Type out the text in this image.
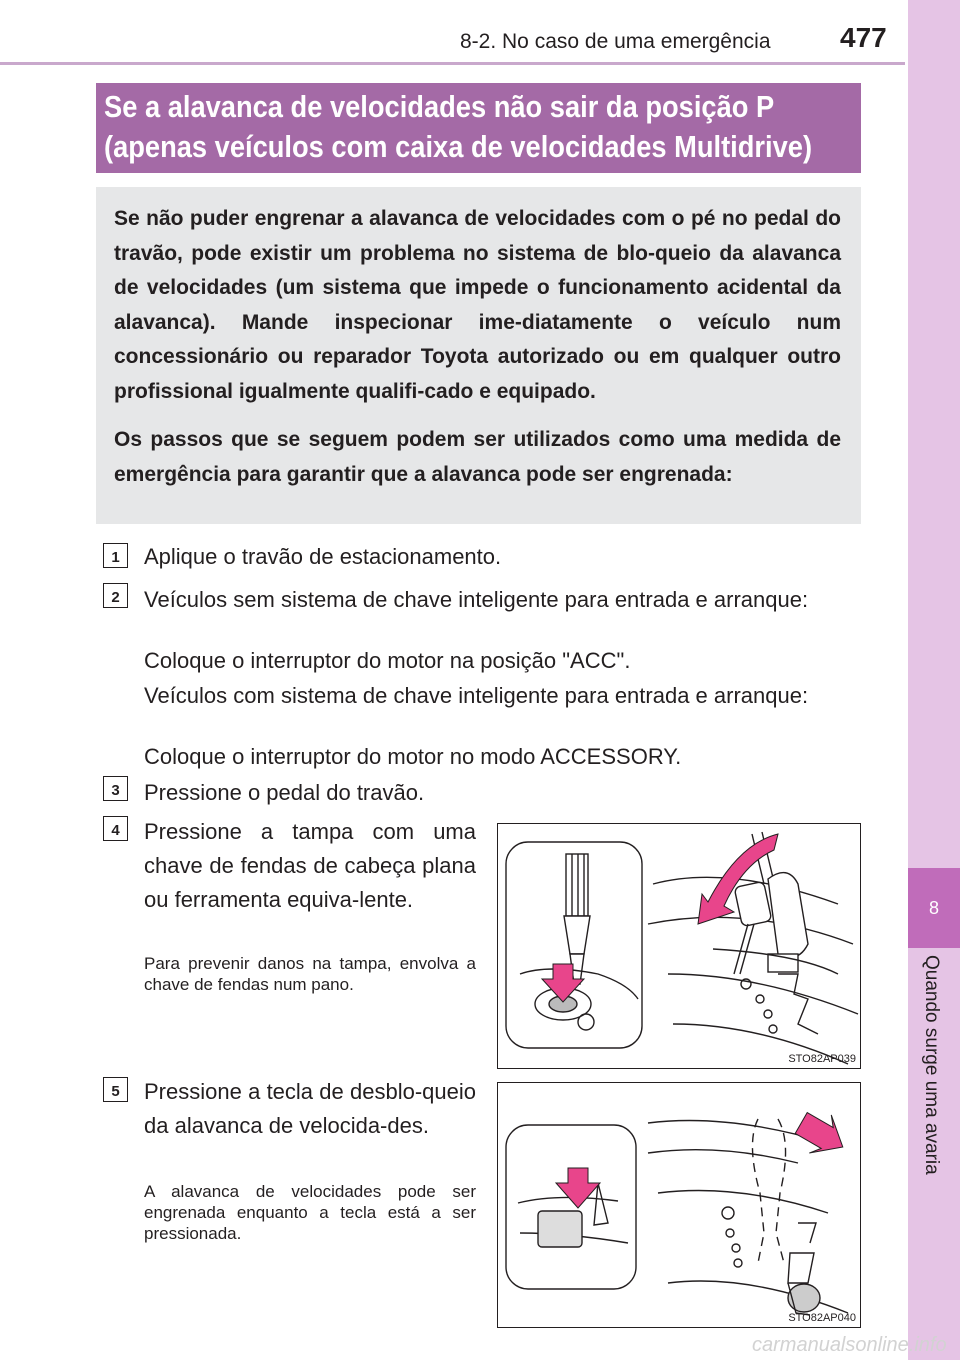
8-2. No caso de uma emergência 477
8
Quando surge uma avaria
Se a alavanca de velocidades não sair da posição P
(apenas veículos com caixa de velocidades Multidrive)

Se não puder engrenar a alavanca de velocidades com o pé no pedal do travão, pode existir um problema no sistema de blo-queio da alavanca de velocidades (um sistema que impede o funcionamento acidental da alavanca). Mande inspecionar ime-diatamente o veículo num concessionário ou reparador Toyota autorizado ou em qualquer outro profissional igualmente qualifi-cado e equipado.

Os passos que se seguem podem ser utilizados como uma medida de emergência para garantir que a alavanca pode ser engrenada:

1	Aplique o travão de estacionamento.

2	Veículos sem sistema de chave inteligente para entrada e arranque:

Coloque o interruptor do motor na posição "ACC".

Veículos com sistema de chave inteligente para entrada e arranque:

Coloque o interruptor do motor no modo ACCESSORY.

3	Pressione o pedal do travão.

4	Pressione a tampa com uma chave de fendas de cabeça plana ou ferramenta equiva-lente.

Para prevenir danos na tampa, envolva a chave de fendas num pano.

STO82AP039
5	Pressione a tecla de desblo-queio da alavanca de velocida-des.

A alavanca de velocidades pode ser engrenada enquanto a tecla está a ser pressionada.

STO82AP040
carmanualsonline.info
